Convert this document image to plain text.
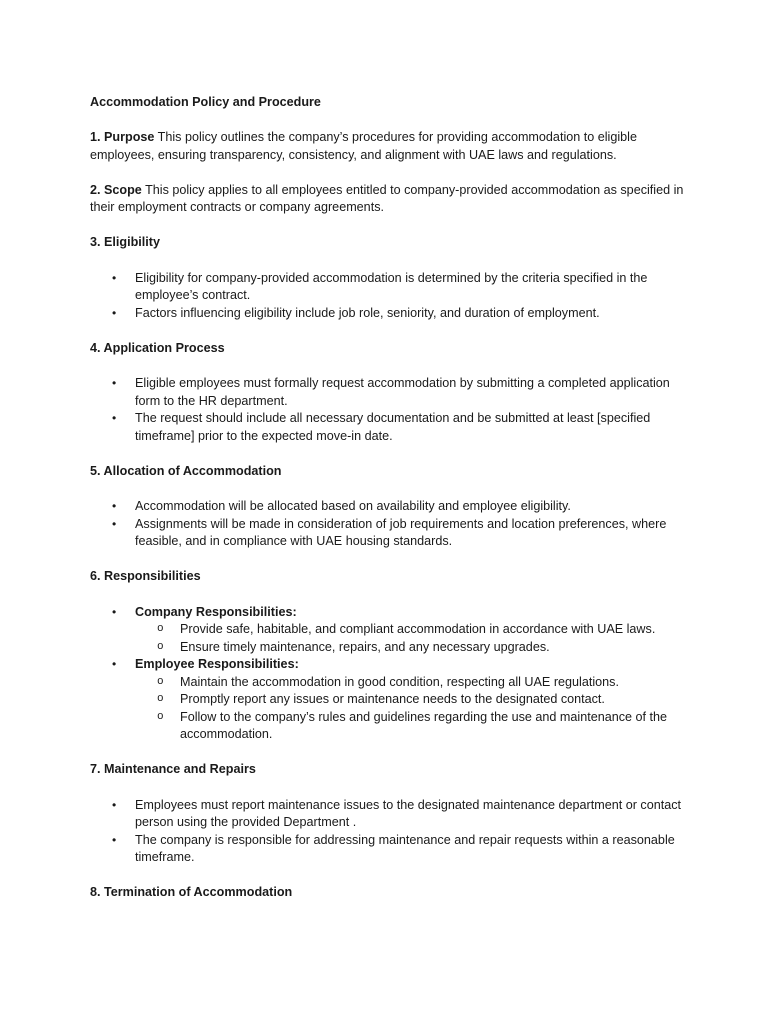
Accommodation Policy and Procedure
1. Purpose This policy outlines the company’s procedures for providing accommodation to eligible employees, ensuring transparency, consistency, and alignment with UAE laws and regulations.
2. Scope This policy applies to all employees entitled to company-provided accommodation as specified in their employment contracts or company agreements.
3. Eligibility
• Eligibility for company-provided accommodation is determined by the criteria specified in the employee’s contract.
• Factors influencing eligibility include job role, seniority, and duration of employment.
4. Application Process
• Eligible employees must formally request accommodation by submitting a completed application form to the HR department.
• The request should include all necessary documentation and be submitted at least [specified timeframe] prior to the expected move-in date.
5. Allocation of Accommodation
• Accommodation will be allocated based on availability and employee eligibility.
• Assignments will be made in consideration of job requirements and location preferences, where feasible, and in compliance with UAE housing standards.
6. Responsibilities
• Company Responsibilities:
o Provide safe, habitable, and compliant accommodation in accordance with UAE laws.
o Ensure timely maintenance, repairs, and any necessary upgrades.
• Employee Responsibilities:
o Maintain the accommodation in good condition, respecting all UAE regulations.
o Promptly report any issues or maintenance needs to the designated contact.
o Follow to the company’s rules and guidelines regarding the use and maintenance of the accommodation.
7. Maintenance and Repairs
• Employees must report maintenance issues to the designated maintenance department or contact person using the provided Department .
• The company is responsible for addressing maintenance and repair requests within a reasonable timeframe.
8. Termination of Accommodation
